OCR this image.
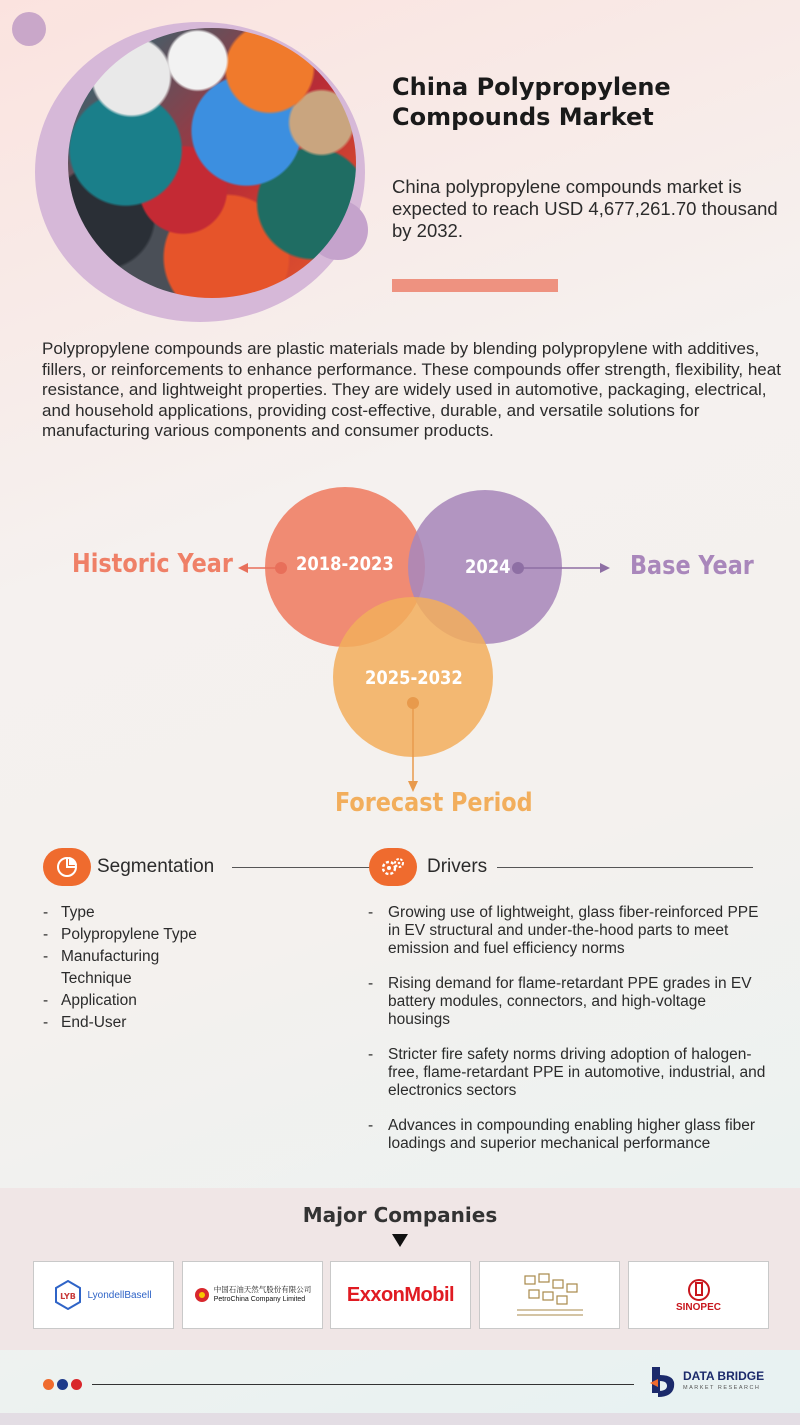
China Polypropylene Compounds Market

China polypropylene compounds market is expected to reach USD 4,677,261.70 thousand by 2032.

Polypropylene compounds are plastic materials made by blending polypropylene with additives, fillers, or reinforcements to enhance performance. These compounds offer strength, flexibility, heat resistance, and lightweight properties. They are widely used in automotive, packaging, electrical, and household applications, providing cost-effective, durable, and versatile solutions for manufacturing various components and consumer products.

2018-2023	2024
2025-2032
Historic Year	Base Year
Forecast Period
Segmentation
- Type
- Polypropylene Type
- Manufacturing Technique
- Application
- End-User
Drivers
- Growing use of lightweight, glass fiber-reinforced PPE in EV structural and under-the-hood parts to meet emission and fuel efficiency norms
- Rising demand for flame-retardant PPE grades in EV battery modules, connectors, and high-voltage housings
- Stricter fire safety norms driving adoption of halogen-free, flame-retardant PPE in automotive, industrial, and electronics sectors
- Advances in compounding enabling higher glass fiber loadings and superior mechanical performance
Major Companies
LYB LyondellBasell	中国石油天然气股份有限公司
PetroChina Company Limited	ExxonMobil
SINOPEC
DATA BRIDGE
MARKET RESEARCH
